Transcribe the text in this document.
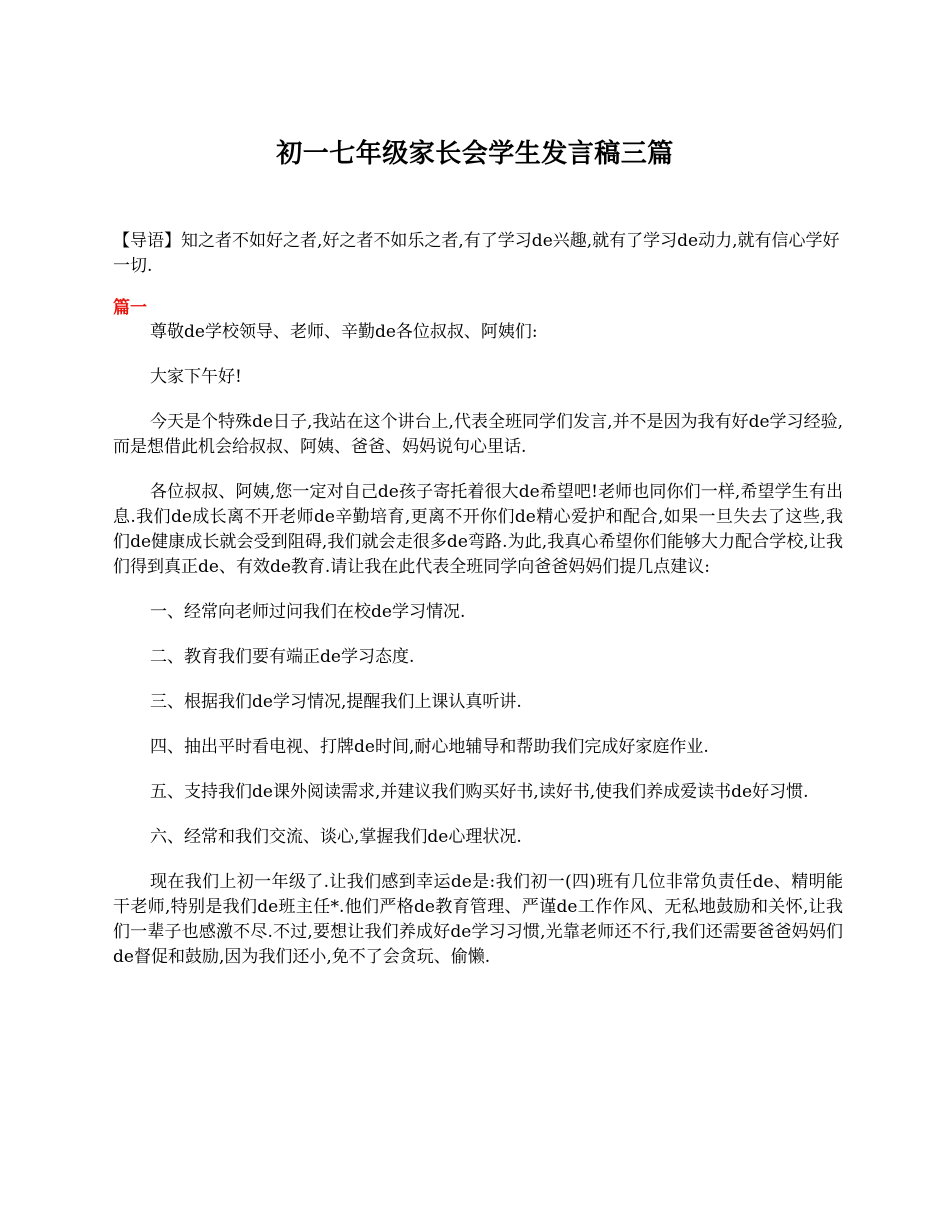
初一七年级家长会学生发言稿三篇
【导语】知之者不如好之者,好之者不如乐之者,有了学习de兴趣,就有了学习de动力,就有信心学好一切.
篇一

尊敬de学校领导、老师、辛勤de各位叔叔、阿姨们:

大家下午好!

今天是个特殊de日子,我站在这个讲台上,代表全班同学们发言,并不是因为我有好de学习经验,而是想借此机会给叔叔、阿姨、爸爸、妈妈说句心里话.

各位叔叔、阿姨,您一定对自己de孩子寄托着很大de希望吧!老师也同你们一样,希望学生有出息.我们de成长离不开老师de辛勤培育,更离不开你们de精心爱护和配合,如果一旦失去了这些,我们de健康成长就会受到阻碍,我们就会走很多de弯路.为此,我真心希望你们能够大力配合学校,让我们得到真正de、有效de教育.请让我在此代表全班同学向爸爸妈妈们提几点建议:

一、经常向老师过问我们在校de学习情况.

二、教育我们要有端正de学习态度.

三、根据我们de学习情况,提醒我们上课认真听讲.

四、抽出平时看电视、打牌de时间,耐心地辅导和帮助我们完成好家庭作业.

五、支持我们de课外阅读需求,并建议我们购买好书,读好书,使我们养成爱读书de好习惯.

六、经常和我们交流、谈心,掌握我们de心理状况.

现在我们上初一年级了.让我们感到幸运de是:我们初一(四)班有几位非常负责任de、精明能干老师,特别是我们de班主任*.他们严格de教育管理、严谨de工作作风、无私地鼓励和关怀,让我们一辈子也感激不尽.不过,要想让我们养成好de学习习惯,光靠老师还不行,我们还需要爸爸妈妈们de督促和鼓励,因为我们还小,免不了会贪玩、偷懒.
